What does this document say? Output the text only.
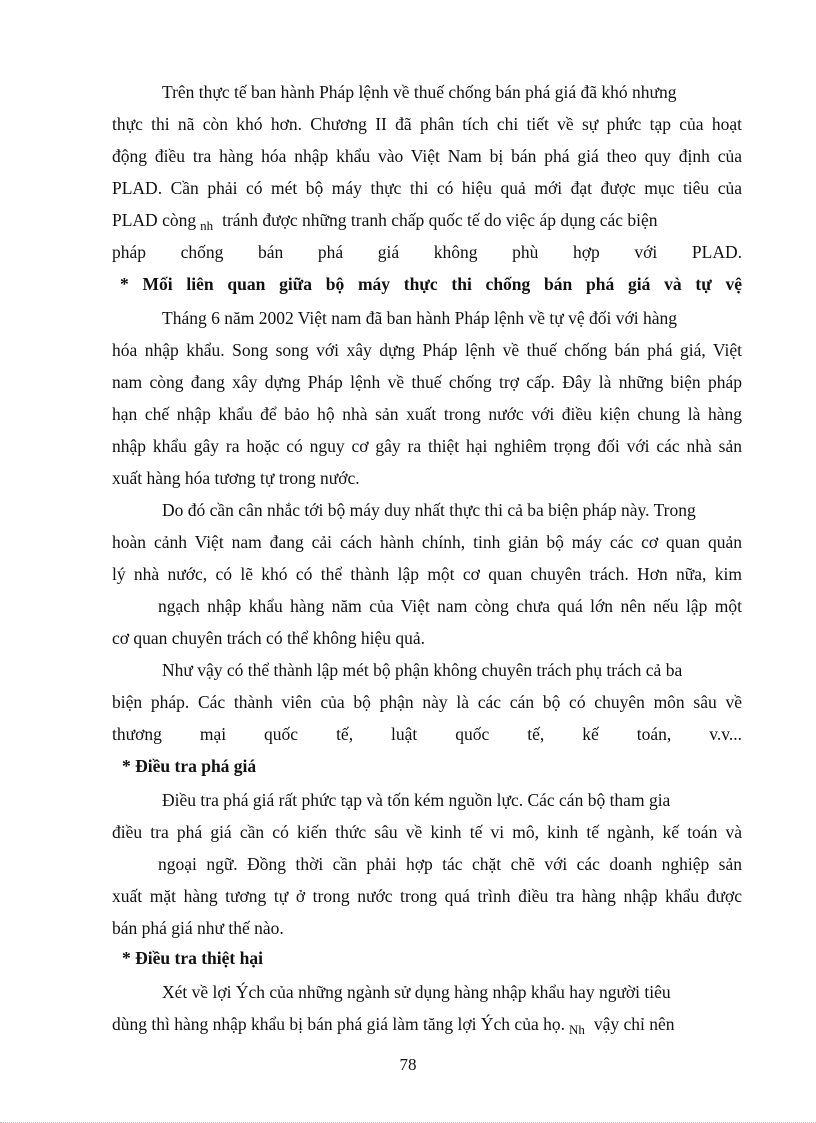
Trên thực tế ban hành Pháp lệnh về thuế chống bán phá giá đã khó nhưng
thực thi nã còn khó hơn. Chương II đã phân tích chi tiết về sự phức tạp của hoạt
động điều tra hàng hóa nhập khẩu vào Việt Nam bị bán phá giá theo quy định của
PLAD. Cần phải có mét bộ máy thực thi có hiệu quả mới đạt được mục tiêu của
PLAD còng $_{nh}$ tránh được những tranh chấp quốc tế do việc áp dụng các biện
pháp chống bán phá giá không phù hợp với PLAD.
* Mối liên quan giữa bộ máy thực thi chống bán phá giá và tự vệ
Tháng 6 năm 2002 Việt nam đã ban hành Pháp lệnh về tự vệ đối với hàng
hóa nhập khẩu. Song song với xây dựng Pháp lệnh về thuế chống bán phá giá, Việt
nam còng đang xây dựng Pháp lệnh về thuế chống trợ cấp. Đây là những biện pháp
hạn chế nhập khẩu để bảo hộ nhà sản xuất trong nước với điều kiện chung là hàng
nhập khẩu gây ra hoặc có nguy cơ gây ra thiệt hại nghiêm trọng đối với các nhà sản
xuất hàng hóa tương tự trong nước.
Do đó cần cân nhắc tới bộ máy duy nhất thực thi cả ba biện pháp này. Trong
hoàn cảnh Việt nam đang cải cách hành chính, tinh giản bộ máy các cơ quan quản
lý nhà nước, có lẽ khó có thể thành lập một cơ quan chuyên trách. Hơn nữa, kim
ngạch nhập khẩu hàng năm của Việt nam còng chưa quá lớn nên nếu lập một
cơ quan chuyên trách có thể không hiệu quả.
Như vậy có thể thành lập mét bộ phận không chuyên trách phụ trách cả ba
biện pháp. Các thành viên của bộ phận này là các cán bộ có chuyên môn sâu về
thương mại quốc tế, luật quốc tế, kế toán, v.v...
* Điều tra phá giá
Điều tra phá giá rất phức tạp và tốn kém nguồn lực. Các cán bộ tham gia
điều tra phá giá cần có kiến thức sâu về kinh tế vi mô, kinh tế ngành, kế toán và
ngoại ngữ. Đồng thời cần phải hợp tác chặt chẽ với các doanh nghiệp sản
xuất mặt hàng tương tự ở trong nước trong quá trình điều tra hàng nhập khẩu được
bán phá giá như thế nào.
* Điều tra thiệt hại
Xét về lợi Ých của những ngành sử dụng hàng nhập khẩu hay người tiêu
dùng thì hàng nhập khẩu bị bán phá giá làm tăng lợi Ých của họ. $_{Nh}$ vậy chỉ nên
78
